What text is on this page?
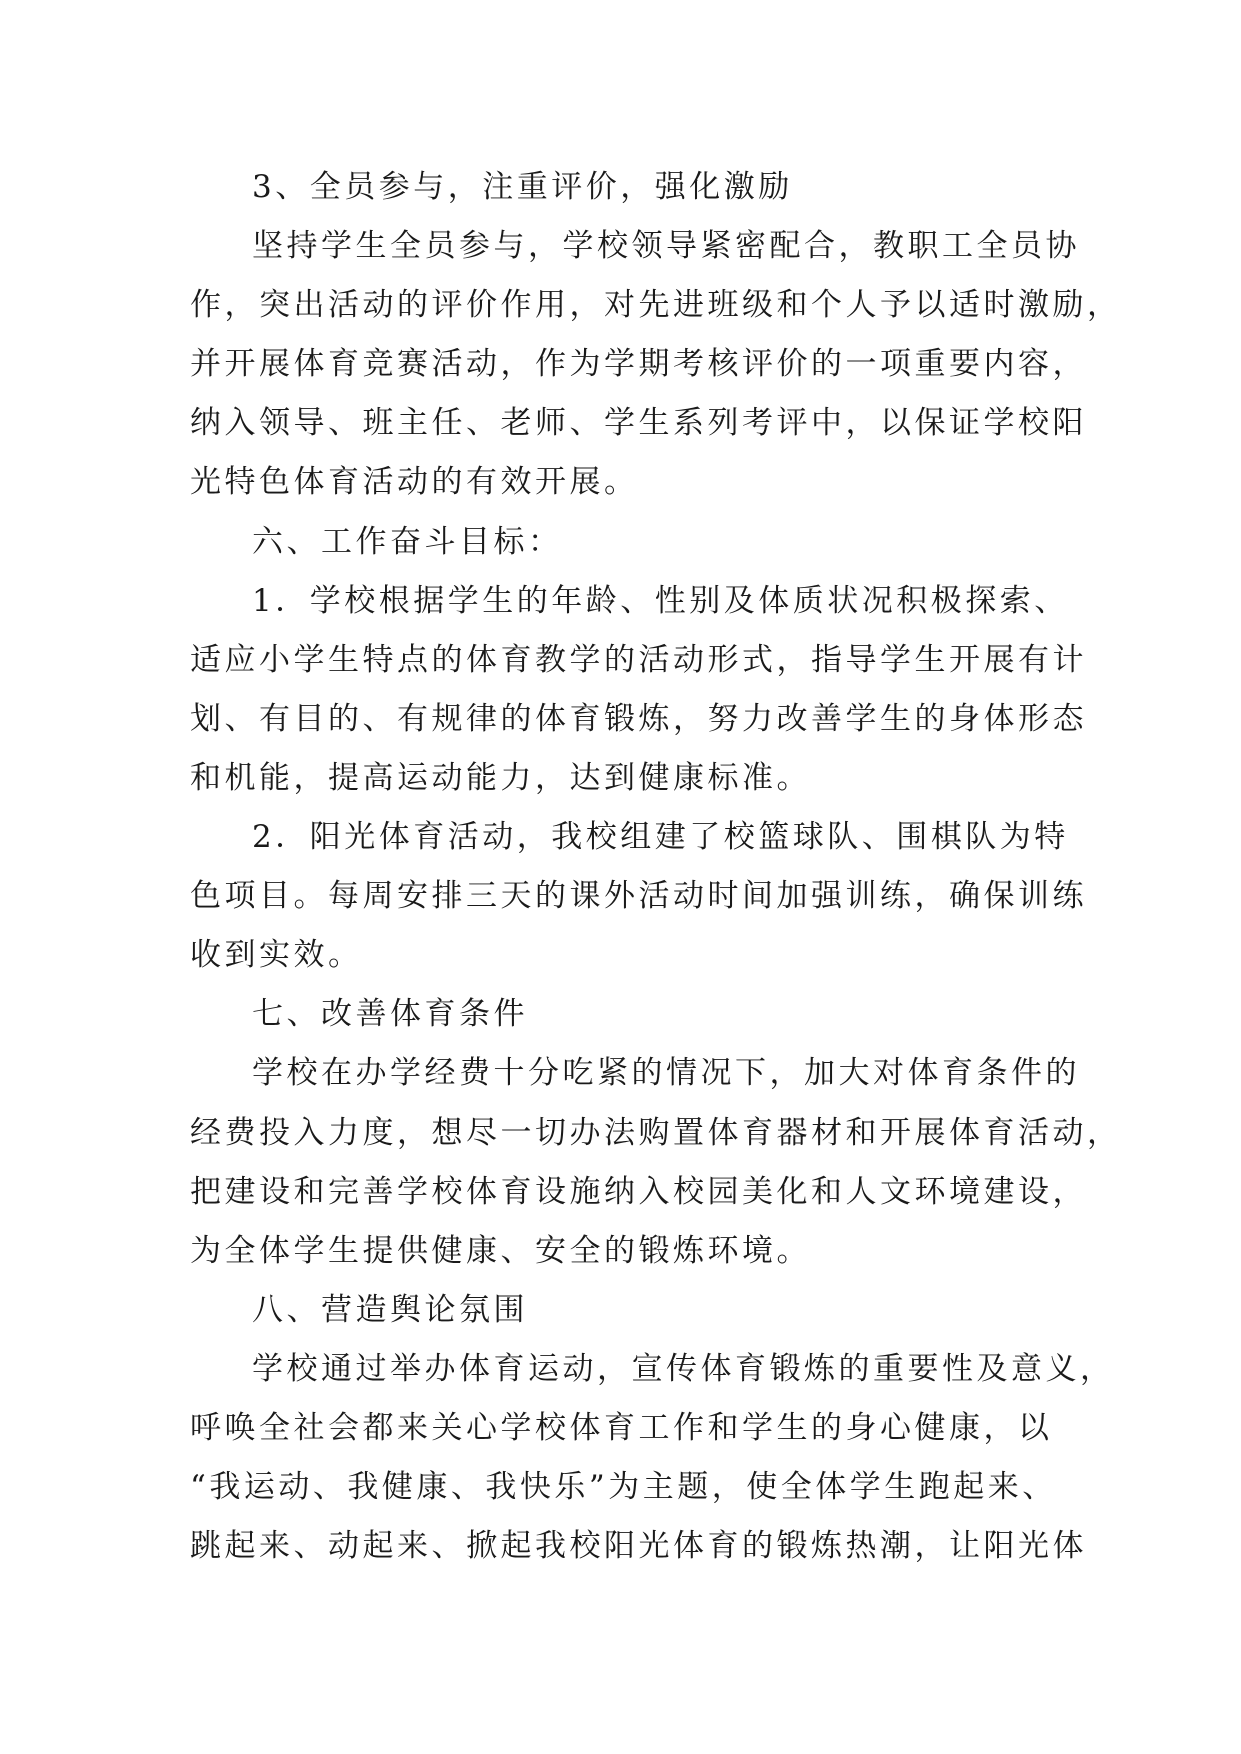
3、全员参与，注重评价，强化激励
坚持学生全员参与，学校领导紧密配合，教职工全员协
作，突出活动的评价作用，对先进班级和个人予以适时激励，
并开展体育竞赛活动，作为学期考核评价的一项重要内容，
纳入领导、班主任、老师、学生系列考评中，以保证学校阳
光特色体育活动的有效开展。
六、工作奋斗目标：
1．学校根据学生的年龄、性别及体质状况积极探索、
适应小学生特点的体育教学的活动形式，指导学生开展有计
划、有目的、有规律的体育锻炼，努力改善学生的身体形态
和机能，提高运动能力，达到健康标准。
2．阳光体育活动，我校组建了校篮球队、围棋队为特
色项目。每周安排三天的课外活动时间加强训练，确保训练
收到实效。
七、改善体育条件
学校在办学经费十分吃紧的情况下，加大对体育条件的
经费投入力度，想尽一切办法购置体育器材和开展体育活动，
把建设和完善学校体育设施纳入校园美化和人文环境建设，
为全体学生提供健康、安全的锻炼环境。
八、营造舆论氛围
学校通过举办体育运动，宣传体育锻炼的重要性及意义，
呼唤全社会都来关心学校体育工作和学生的身心健康，以
“我运动、我健康、我快乐”为主题，使全体学生跑起来、
跳起来、动起来、掀起我校阳光体育的锻炼热潮，让阳光体
